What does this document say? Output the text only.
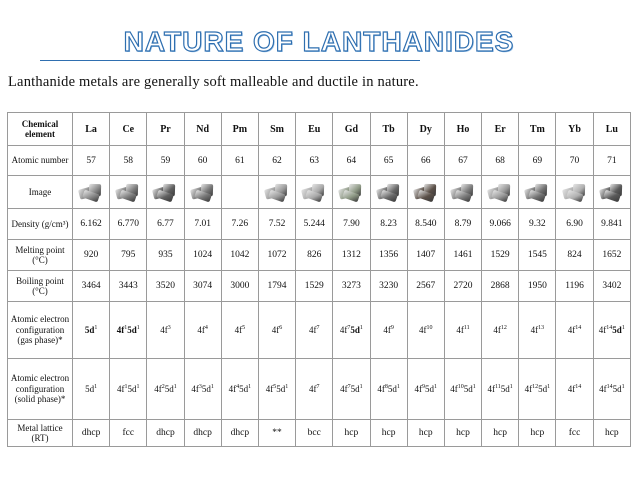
NATURE OF LANTHANIDES
Lanthanide metals are generally soft malleable and ductile in nature.
Chemical element	La	Ce	Pr	Nd	Pm	Sm	Eu	Gd	Tb	Dy	Ho	Er	Tm	Yb	Lu
Atomic number	57	58	59	60	61	62	63	64	65	66	67	68	69	70	71
Image	

Density (g/cm³)	6.162	6.770	6.77	7.01	7.26	7.52	5.244	7.90	8.23	8.540	8.79	9.066	9.32	6.90	9.841
Melting point (°C)	920	795	935	1024	1042	1072	826	1312	1356	1407	1461	1529	1545	824	1652
Boiling point (°C)	3464	3443	3520	3074	3000	1794	1529	3273	3230	2567	2720	2868	1950	1196	3402
Atomic electron configuration (gas phase)*	$5d^1$	$4f^15d^1$	$4f^3$	$4f^4$	$4f^5$	$4f^6$	$4f^7$	$4f^75d^1$	$4f^9$	$4f^{10}$	$4f^{11}$	$4f^{12}$	$4f^{13}$	$4f^{14}$	$4f^{14}5d^1$
Atomic electron configuration (solid phase)*	$5d^1$	$4f^15d^1$	$4f^25d^1$	$4f^35d^1$	$4f^45d^1$	$4f^55d^1$	$4f^7$	$4f^75d^1$	$4f^85d^1$	$4f^95d^1$	$4f^{10}5d^1$	$4f^{11}5d^1$	$4f^{12}5d^1$	$4f^{14}$	$4f^{14}5d^1$
Metal lattice (RT)	dhcp	fcc	dhcp	dhcp	dhcp	**	bcc	hcp	hcp	hcp	hcp	hcp	hcp	fcc	hcp
